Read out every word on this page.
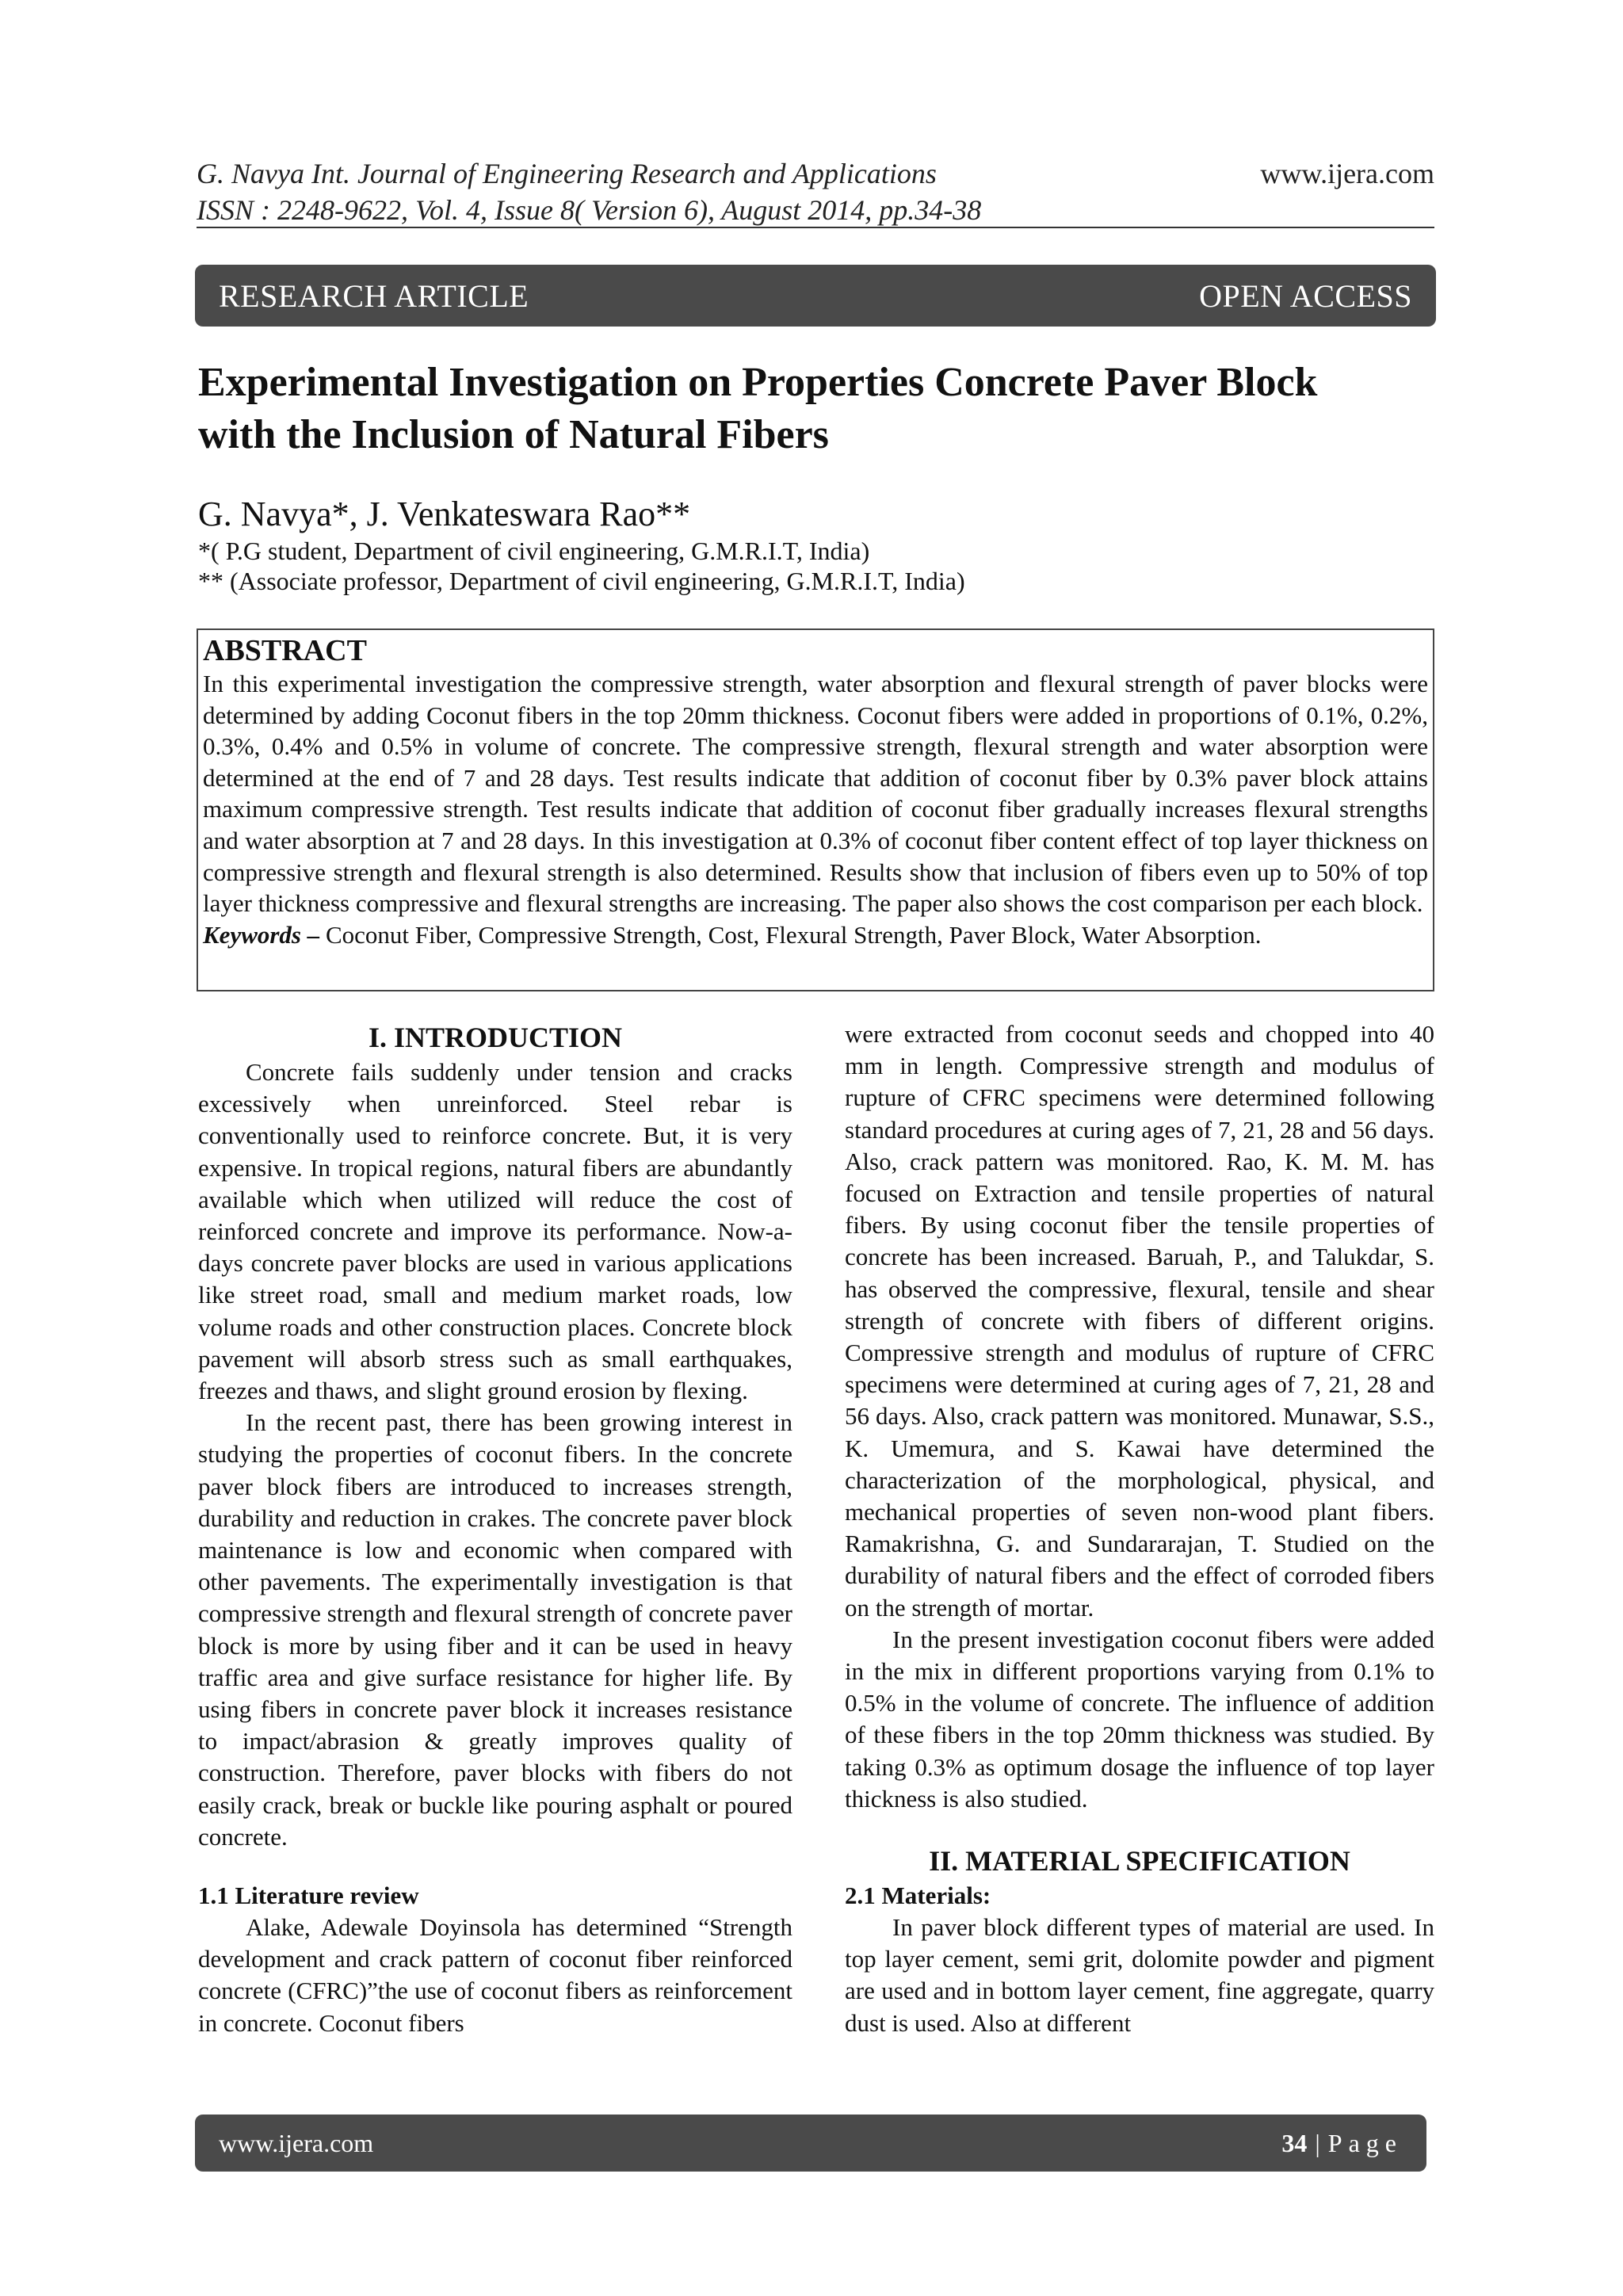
G. Navya Int. Journal of Engineering Research and Applications
ISSN : 2248-9622, Vol. 4, Issue 8( Version 6), August 2014, pp.34-38
www.ijera.com
RESEARCH ARTICLE	OPEN ACCESS
Experimental Investigation on Properties Concrete Paver Block
with the Inclusion of Natural Fibers
G. Navya*, J. Venkateswara Rao**
*( P.G student, Department of civil engineering, G.M.R.I.T, India)
** (Associate professor, Department of civil engineering, G.M.R.I.T, India)
ABSTRACT
In this experimental investigation the compressive strength, water absorption and flexural strength of paver blocks were determined by adding Coconut fibers in the top 20mm thickness. Coconut fibers were added in proportions of 0.1%, 0.2%, 0.3%, 0.4% and 0.5% in volume of concrete. The compressive strength, flexural strength and water absorption were determined at the end of 7 and 28 days. Test results indicate that addition of coconut fiber by 0.3% paver block attains maximum compressive strength. Test results indicate that addition of coconut fiber gradually increases flexural strengths and water absorption at 7 and 28 days. In this investigation at 0.3% of coconut fiber content effect of top layer thickness on compressive strength and flexural strength is also determined. Results show that inclusion of fibers even up to 50% of top layer thickness compressive and flexural strengths are increasing. The paper also shows the cost comparison per each block.
Keywords – Coconut Fiber, Compressive Strength, Cost, Flexural Strength, Paver Block, Water Absorption.
I. INTRODUCTION

Concrete fails suddenly under tension and cracks excessively when unreinforced. Steel rebar is conventionally used to reinforce concrete. But, it is very expensive. In tropical regions, natural fibers are abundantly available which when utilized will reduce the cost of reinforced concrete and improve its performance. Now-a-days concrete paver blocks are used in various applications like street road, small and medium market roads, low volume roads and other construction places. Concrete block pavement will absorb stress such as small earthquakes, freezes and thaws, and slight ground erosion by flexing.

In the recent past, there has been growing interest in studying the properties of coconut fibers. In the concrete paver block fibers are introduced to increases strength, durability and reduction in crakes. The concrete paver block maintenance is low and economic when compared with other pavements. The experimentally investigation is that compressive strength and flexural strength of concrete paver block is more by using fiber and it can be used in heavy traffic area and give surface resistance for higher life. By using fibers in concrete paver block it increases resistance to impact/abrasion & greatly improves quality of construction. Therefore, paver blocks with fibers do not easily crack, break or buckle like pouring asphalt or poured concrete.

1.1 Literature review

Alake, Adewale Doyinsola has determined “Strength development and crack pattern of coconut fiber reinforced concrete (CFRC)”the use of coconut fibers as reinforcement in concrete. Coconut fibers

were extracted from coconut seeds and chopped into 40 mm in length. Compressive strength and modulus of rupture of CFRC specimens were determined following standard procedures at curing ages of 7, 21, 28 and 56 days. Also, crack pattern was monitored. Rao, K. M. M. has focused on Extraction and tensile properties of natural fibers. By using coconut fiber the tensile properties of concrete has been increased. Baruah, P., and Talukdar, S. has observed the compressive, flexural, tensile and shear strength of concrete with fibers of different origins. Compressive strength and modulus of rupture of CFRC specimens were determined at curing ages of 7, 21, 28 and 56 days. Also, crack pattern was monitored. Munawar, S.S., K. Umemura, and S. Kawai have determined the characterization of the morphological, physical, and mechanical properties of seven non-wood plant fibers. Ramakrishna, G. and Sundararajan, T. Studied on the durability of natural fibers and the effect of corroded fibers on the strength of mortar.

In the present investigation coconut fibers were added in the mix in different proportions varying from 0.1% to 0.5% in the volume of concrete. The influence of addition of these fibers in the top 20mm thickness was studied. By taking 0.3% as optimum dosage the influence of top layer thickness is also studied.

II. MATERIAL SPECIFICATION
2.1 Materials:

In paver block different types of material are used. In top layer cement, semi grit, dolomite powder and pigment are used and in bottom layer cement, fine aggregate, quarry dust is used. Also at different

www.ijera.com	34 | Page
